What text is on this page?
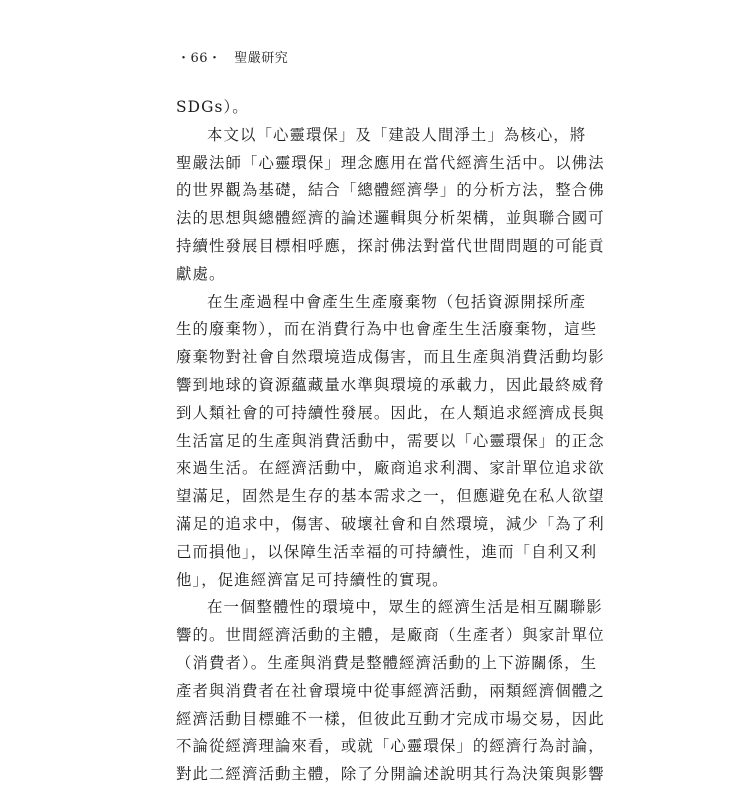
・66・ 聖嚴研究
SDGs）。
本文以「心靈環保」及「建設人間淨土」為核心，將
聖嚴法師「心靈環保」理念應用在當代經濟生活中。以佛法
的世界觀為基礎，結合「總體經濟學」的分析方法，整合佛
法的思想與總體經濟的論述邏輯與分析架構，並與聯合國可
持續性發展目標相呼應，探討佛法對當代世間問題的可能貢
獻處。
在生產過程中會產生生產廢棄物（包括資源開採所產
生的廢棄物），而在消費行為中也會產生生活廢棄物，這些
廢棄物對社會自然環境造成傷害，而且生產與消費活動均影
響到地球的資源蘊藏量水準與環境的承載力，因此最終威脅
到人類社會的可持續性發展。因此，在人類追求經濟成長與
生活富足的生產與消費活動中，需要以「心靈環保」的正念
來過生活。在經濟活動中，廠商追求利潤、家計單位追求欲
望滿足，固然是生存的基本需求之一，但應避免在私人欲望
滿足的追求中，傷害、破壞社會和自然環境，減少「為了利
己而損他」，以保障生活幸福的可持續性，進而「自利又利
他」，促進經濟富足可持續性的實現。
在一個整體性的環境中，眾生的經濟生活是相互關聯影
響的。世間經濟活動的主體，是廠商（生產者）與家計單位
（消費者）。生產與消費是整體經濟活動的上下游關係，生
產者與消費者在社會環境中從事經濟活動，兩類經濟個體之
經濟活動目標雖不一樣，但彼此互動才完成市場交易，因此
不論從經濟理論來看，或就「心靈環保」的經濟行為討論，
對此二經濟活動主體，除了分開論述說明其行為決策與影響
